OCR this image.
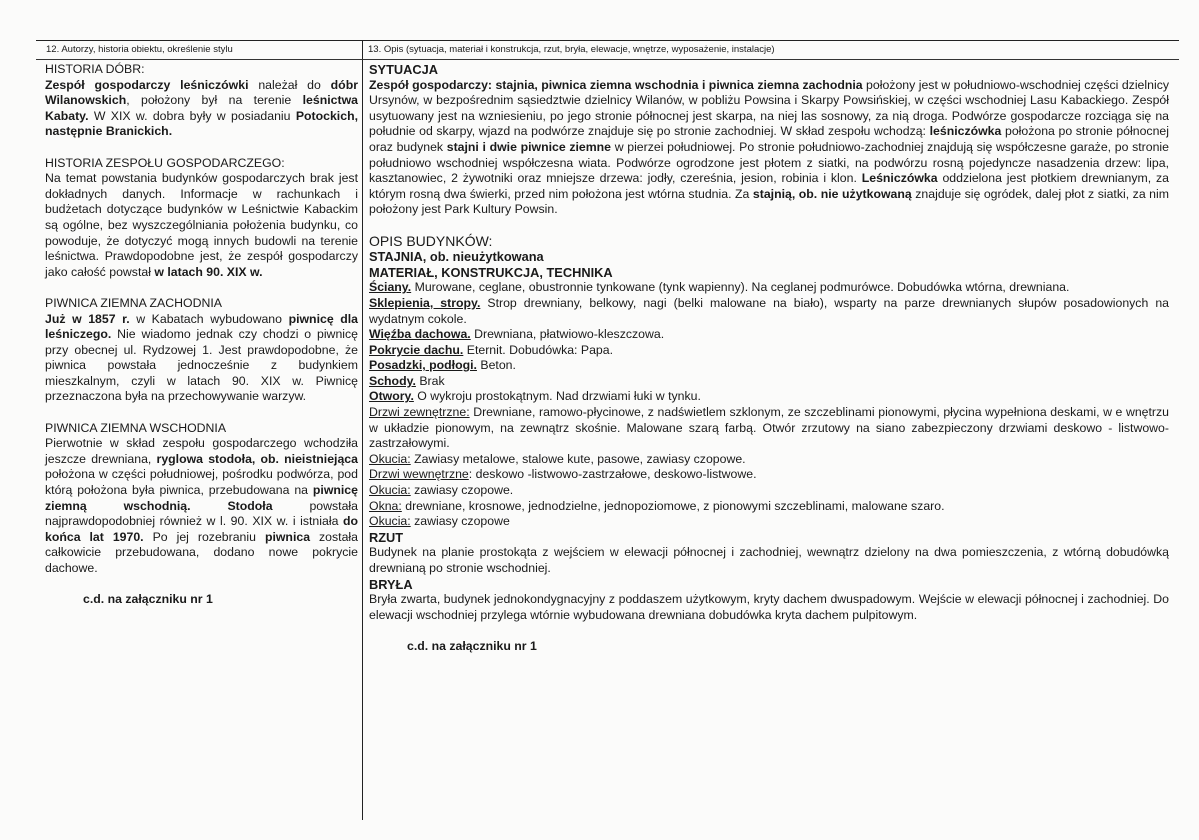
12. Autorzy, historia obiektu, określenie stylu	13. Opis (sytuacja, materiał i konstrukcja, rzut, bryła, elewacje, wnętrze, wyposażenie, instalacje)

HISTORIA DÓBR:

Zespół gospodarczy leśniczówki należał do dóbr Wilanowskich, położony był na terenie leśnictwa Kabaty. W XIX w. dobra były w posiadaniu Potockich, następnie Branickich.

HISTORIA ZESPOŁU GOSPODARCZEGO:

Na temat powstania budynków gospodarczych brak jest dokładnych danych. Informacje w rachunkach i budżetach dotyczące budynków w Leśnictwie Kabackim są ogólne, bez wyszczególniania położenia budynku, co powoduje, że dotyczyć mogą innych budowli na terenie leśnictwa. Prawdopodobne jest, że zespół gospodarczy jako całość powstał w latach 90. XIX w.

PIWNICA ZIEMNA ZACHODNIA

Już w 1857 r. w Kabatach wybudowano piwnicę dla leśniczego. Nie wiadomo jednak czy chodzi o piwnicę przy obecnej ul. Rydzowej 1. Jest prawdopodobne, że piwnica powstała jednocześnie z budynkiem mieszkalnym, czyli w latach 90. XIX w. Piwnicę przeznaczona była na przechowywanie warzyw.

PIWNICA ZIEMNA WSCHODNIA

Pierwotnie w skład zespołu gospodarczego wchodziła jeszcze drewniana, ryglowa stodoła, ob. nieistniejąca położona w części południowej, pośrodku podwórza, pod którą położona była piwnica, przebudowana na piwnicę ziemną wschodnią.	Stodoła powstała najprawdopodobniej również w l. 90. XIX w. i istniała do końca lat 1970. Po jej rozebraniu piwnica została całkowicie przebudowana, dodano nowe pokrycie dachowe.

c.d. na załączniku nr 1

SYTUACJA

Zespół gospodarczy: stajnia, piwnica ziemna wschodnia i piwnica ziemna zachodnia położony jest w południowo-wschodniej części dzielnicy Ursynów, w bezpośrednim sąsiedztwie dzielnicy Wilanów, w pobliżu Powsina i Skarpy Powsińskiej, w części wschodniej Lasu Kabackiego. Zespół usytuowany jest na wzniesieniu, po jego stronie północnej jest skarpa, na niej las sosnowy, za nią droga. Podwórze gospodarcze rozciąga się na południe od skarpy, wjazd na podwórze znajduje się po stronie zachodniej. W skład zespołu wchodzą: leśniczówka położona po stronie północnej oraz budynek stajni i dwie piwnice ziemne w pierzei południowej. Po stronie południowo-zachodniej znajdują się współczesne garaże, po stronie południowo wschodniej współczesna wiata. Podwórze ogrodzone jest płotem z siatki, na podwórzu rosną pojedyncze nasadzenia drzew: lipa, kasztanowiec, 2 żywotniki oraz mniejsze drzewa: jodły, czereśnia, jesion, robinia i klon. Leśniczówka oddzielona jest płotkiem drewnianym, za którym rosną dwa świerki, przed nim położona jest wtórna studnia. Za stajnią, ob. nie użytkowaną znajduje się ogródek, dalej płot z siatki, za nim położony jest Park Kultury Powsin.

OPIS BUDYNKÓW:

STAJNIA, ob. nieużytkowana

MATERIAŁ, KONSTRUKCJA, TECHNIKA

Ściany. Murowane, ceglane, obustronnie tynkowane (tynk wapienny). Na ceglanej podmurówce. Dobudówka wtórna, drewniana.

Sklepienia, stropy. Strop drewniany, belkowy, nagi (belki malowane na biało), wsparty na parze drewnianych słupów posadowionych na wydatnym cokole.

Więźba dachowa. Drewniana, płatwiowo-kleszczowa.

Pokrycie dachu. Eternit. Dobudówka: Papa.

Posadzki, podłogi. Beton.

Schody. Brak

Otwory. O wykroju prostokątnym. Nad drzwiami łuki w tynku.

Drzwi zewnętrzne: Drewniane, ramowo-płycinowe, z nadświetlem szklonym, ze szczeblinami pionowymi, płycina wypełniona deskami, w e wnętrzu w układzie pionowym, na zewnątrz skośnie. Malowane szarą farbą. Otwór zrzutowy na siano zabezpieczony drzwiami deskowo - listwowo- zastrzałowymi.

Okucia: Zawiasy metalowe, stalowe kute, pasowe, zawiasy czopowe.

Drzwi wewnętrzne: deskowo -listwowo-zastrzałowe, deskowo-listwowe.

Okucia: zawiasy czopowe.

Okna: drewniane, krosnowe, jednodzielne, jednopoziomowe, z pionowymi szczeblinami, malowane szaro.

Okucia: zawiasy czopowe

RZUT

Budynek na planie prostokąta z wejściem w elewacji północnej i zachodniej, wewnątrz dzielony na dwa pomieszczenia, z wtórną dobudówką drewnianą po stronie wschodniej.

BRYŁA

Bryła zwarta, budynek jednokondygnacyjny z poddaszem użytkowym, kryty dachem dwuspadowym. Wejście w elewacji północnej i zachodniej. Do elewacji wschodniej przylega wtórnie wybudowana drewniana dobudówka kryta dachem pulpitowym.

c.d. na załączniku nr 1
